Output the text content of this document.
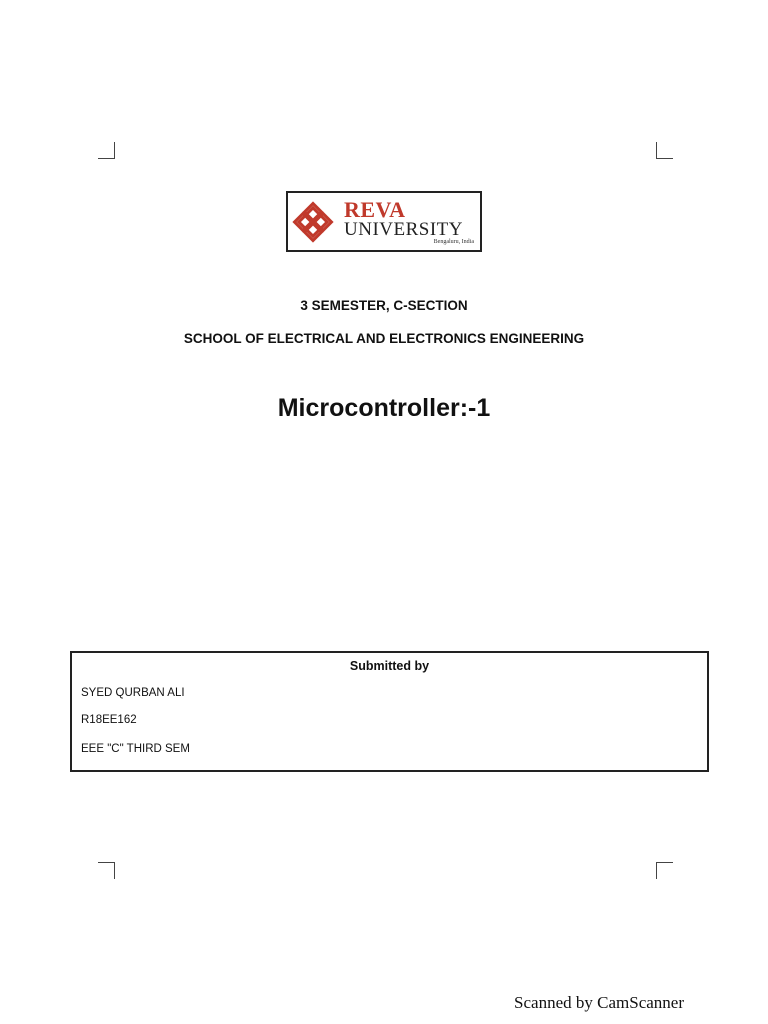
REVA
UNIVERSITY
Bengaluru, India
3 SEMESTER, C-SECTION
SCHOOL OF ELECTRICAL AND ELECTRONICS ENGINEERING
Microcontroller:-1
Submitted by
SYED QURBAN ALI
R18EE162
EEE "C" THIRD SEM
Scanned by CamScanner
